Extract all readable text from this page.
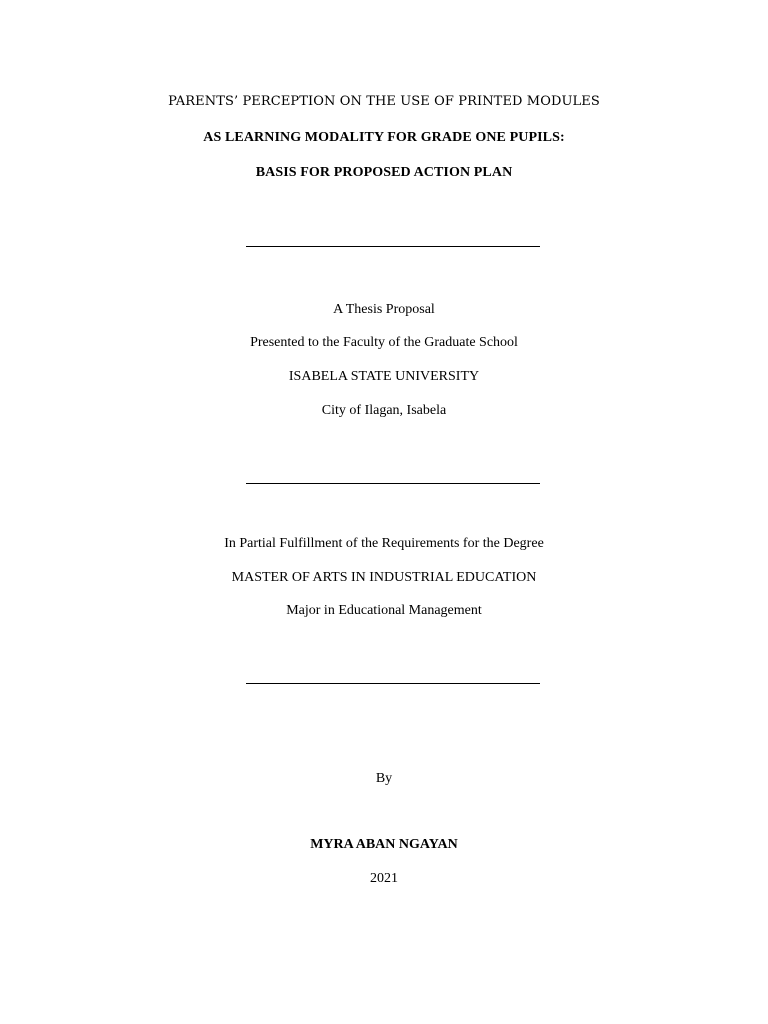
PARENTS’ PERCEPTION ON THE USE OF PRINTED MODULES
AS LEARNING MODALITY FOR GRADE ONE PUPILS:
BASIS FOR PROPOSED ACTION PLAN
A Thesis Proposal
Presented to the Faculty of the Graduate School
ISABELA STATE UNIVERSITY
City of Ilagan, Isabela
In Partial Fulfillment of the Requirements for the Degree
MASTER OF ARTS IN INDUSTRIAL EDUCATION
Major in Educational Management
By
MYRA ABAN NGAYAN
2021
